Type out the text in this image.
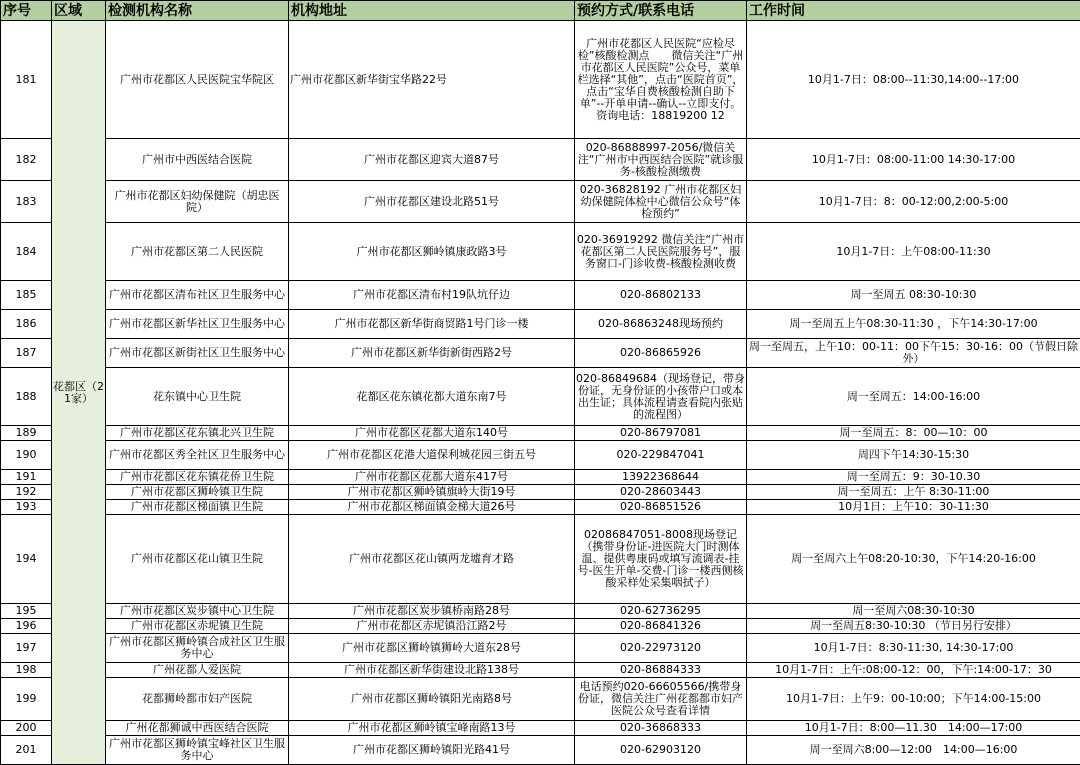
序号	区域	检测机构名称	机构地址	预约方式/联系电话	工作时间
181	花都区（21家）	广州市花都区人民医院宝华院区	广州市花都区新华街宝华路22号	广州市花都区人民医院“应检尽检”核酸检测点　　微信关注“广州市花都区人民医院”公众号，菜单栏选择“其他”，点击“医院首页”，点击“宝华自费核酸检测自助下单”--开单申请--确认--立即支付。资询电话：18819200 12	10月1-7日：08:00--11:30,14:00--17:00
182		广州市中西医结合医院	广州市花都区迎宾大道87号	020-86888997-2056/微信关注“广州市中西医结合医院”就诊服务-核酸检测缴费	10月1-7日：08:00-11:00 14:30-17:00
183		广州市花都区妇幼保健院（胡忠医院）	广州市花都区建设北路51号	020-36828192 广州市花都区妇幼保健院体检中心微信公众号“体检预约”	10月1-7日：8：00-12:00,2:00-5:00
184		广州市花都区第二人民医院	广州市花都区狮岭镇康政路3号	020-36919292 微信关注“广州市花都区第二人民医院服务号”，服务窗口-门诊收费-核酸检测收费	10月1-7日：上午08:00-11:30
185		广州市花都区清布社区卫生服务中心	广州市花都区清布村19队坑仔边	020-86802133	周一至周五 08:30-10:30
186		广州市花都区新华社区卫生服务中心	广州市花都区新华街商贸路1号门诊一楼	020-86863248现场预约	周一至周五上午08:30-11:30 ，下午14:30-17:00
187		广州市花都区新街社区卫生服务中心	广州市花都区新华街新街西路2号	020-86865926	周一至周五，上午10：00-11：00下午15：30-16：00（节假日除外）
188		花东镇中心卫生院	花都区花东镇花都大道东南7号	020-86849684（现场登记，带身份证，无身份证的小孩带户口或本出生证；具体流程请查看院内张贴的流程图）	周一至周五：14:00-16:00
189		广州市花都区花东镇北兴卫生院	广州市花都区花都大道东140号	020-86797081	周一至周五：8：00—10：00
190		广州市花都区秀全社区卫生服务中心	广州市花都区花港大道保利城花园三街五号	020-229847041	周四下午14:30-15:30
191		广州市花都区花东镇花侨卫生院	广州市花都区花都大道东417号	13922368644	周一至周五：9：30-10.30
192		广州市花都区狮岭镇卫生院	广州市花都区狮岭镇旗岭大街19号	020-28603443	周一至周五：上午 8:30-11:00
193		广州市花都区梯面镇卫生院	广州市花都区梯面镇金梯大道26号	020-86851526	10月1日：上午10：30-11:30
194		广州市花都区花山镇卫生院	广州市花都区花山镇两龙墟育才路	02086847051-8008现场登记（携带身份证-进医院大门时测体温、提供粤康码或填写流调表-挂号-医生开单-交费-门诊一楼西侧核酸采样处采集咽拭子）	周一至周六上午08:20-10:30，下午14:20-16:00
195		广州市花都区炭步镇中心卫生院	广州市花都区炭步镇桥南路28号	020-62736295	周一至周六08:30-10:30
196		广州市花都区赤坭镇卫生院	广州市花都区赤坭镇沿江路2号	020-86841326	周一至周五8:30-10:30 （节日另行安排）
197		广州市花都区狮岭镇合成社区卫生服务中心	广州市花都区狮岭镇狮岭大道东28号	020-22973120	10月1-7日：8:30-11:30, 14:30-17:00
198		广州花都人爱医院	广州市花都区新华街建设北路138号	020-86884333	10月1-7日：上午:08:00-12：00，下午:14:00-17：30
199		花都狮岭都市妇产医院	广州市花都区狮岭镇阳光南路8号	电话预约020-66605566/携带身份证，微信关注广州花都都市妇产医院公众号查看详情	10月1-7日：上午9：00-10:00；下午14:00-15:00
200		广州花都狮诚中西医结合医院	广州市花都区狮岭镇宝峰南路13号	020-36868333	10月1-7日：8:00—11.30　14:00—17:00
201		广州市花都区狮岭镇宝峰社区卫生服务中心	广州市花都区狮岭镇阳光路41号	020-62903120	周一至周六8:00—12:00　14:00—16:00
